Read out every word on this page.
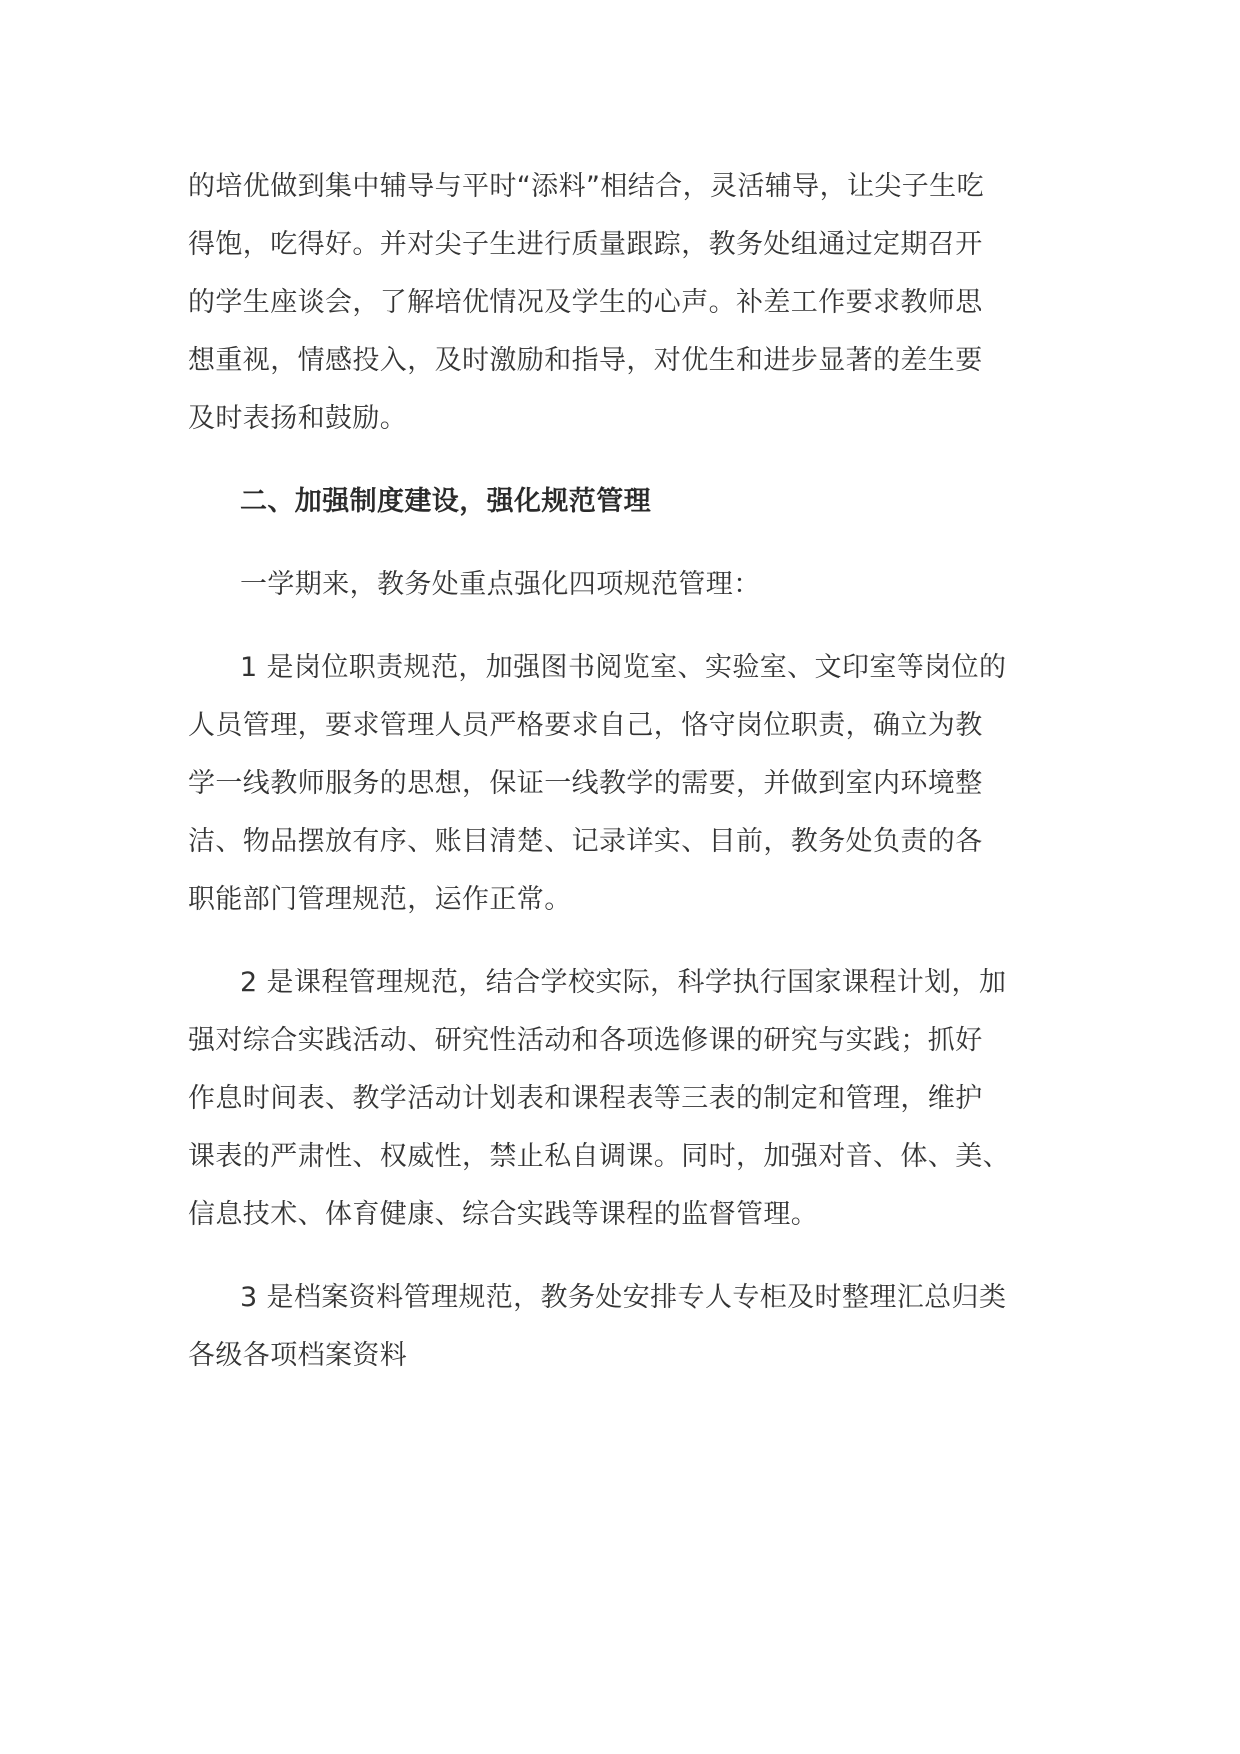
的培优做到集中辅导与平时“添料”相结合，灵活辅导，让尖子生吃
得饱，吃得好。并对尖子生进行质量跟踪，教务处组通过定期召开
的学生座谈会，了解培优情况及学生的心声。补差工作要求教师思
想重视，情感投入，及时激励和指导，对优生和进步显著的差生要
及时表扬和鼓励。
二、加强制度建设，强化规范管理
一学期来，教务处重点强化四项规范管理：
1 是岗位职责规范，加强图书阅览室、实验室、文印室等岗位的
人员管理，要求管理人员严格要求自己，恪守岗位职责，确立为教
学一线教师服务的思想，保证一线教学的需要，并做到室内环境整
洁、物品摆放有序、账目清楚、记录详实、目前，教务处负责的各
职能部门管理规范，运作正常。
2 是课程管理规范，结合学校实际，科学执行国家课程计划，加
强对综合实践活动、研究性活动和各项选修课的研究与实践；抓好
作息时间表、教学活动计划表和课程表等三表的制定和管理，维护
课表的严肃性、权威性，禁止私自调课。同时，加强对音、体、美、
信息技术、体育健康、综合实践等课程的监督管理。
3 是档案资料管理规范，教务处安排专人专柜及时整理汇总归类
各级各项档案资料
